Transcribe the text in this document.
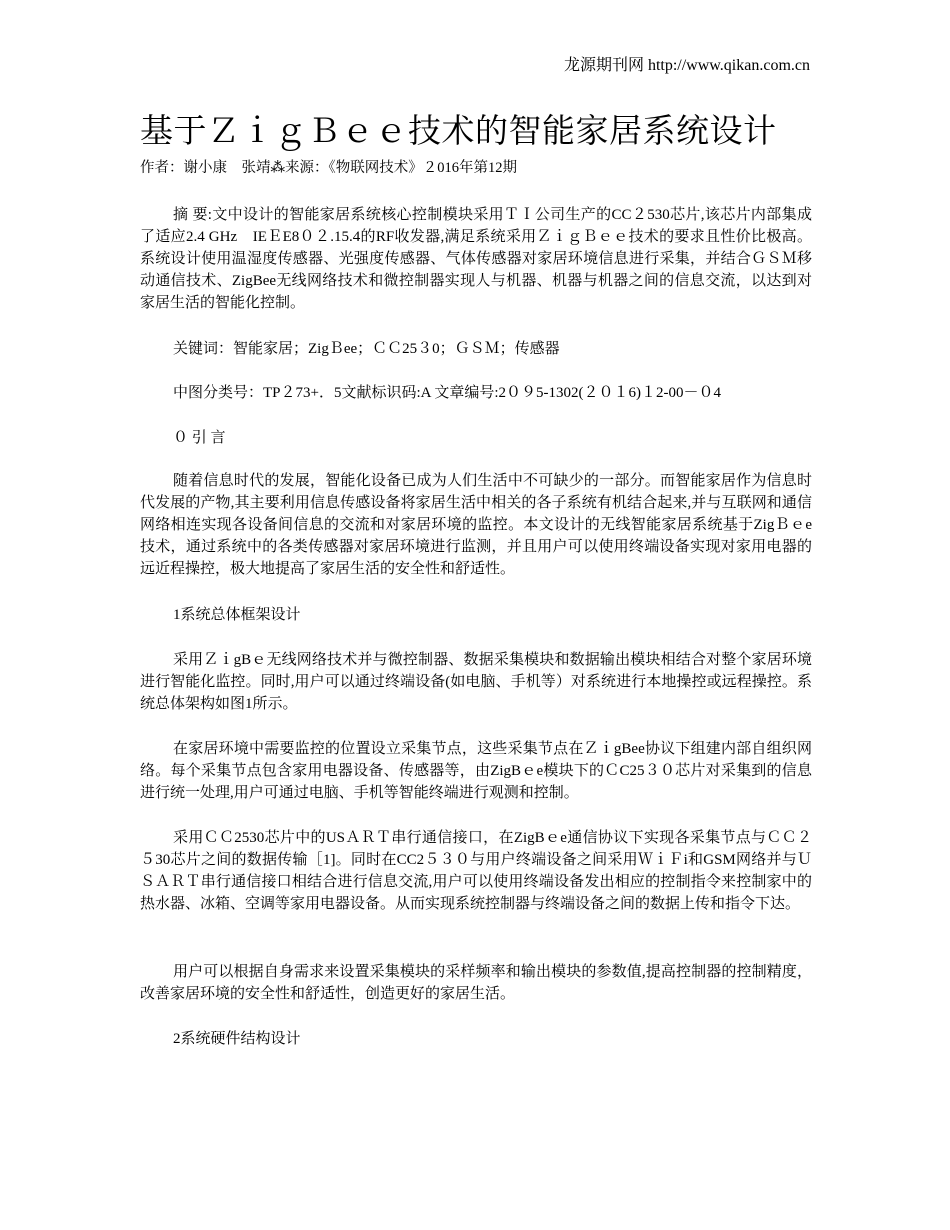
龙源期刊网 http://www.qikan.com.cn
基于ＺｉｇＢｅｅ技术的智能家居系统设计
作者：谢小康　张靖⁂来源：《物联网技术》２016年第12期

摘 要:文中设计的智能家居系统核心控制模块采用ＴＩ公司生产的CC２530芯片,该芯片内部集成了适应2.4 GHz　IEＥE8０２.15.4的RF收发器,满足系统采用ＺｉｇＢｅｅ技术的要求且性价比极高。系统设计使用温湿度传感器、光强度传感器、气体传感器对家居环境信息进行采集，并结合ＧＳＭ移动通信技术、ZigBee无线网络技术和微控制器实现人与机器、机器与机器之间的信息交流，以达到对家居生活的智能化控制。

关键词：智能家居；ZigＢee；ＣＣ25３0；ＧＳＭ；传感器

中图分类号：TP２73+．5文献标识码:A 文章编号:2０９5-1302(２０１6)１2-00－０4

０ 引 言

随着信息时代的发展，智能化设备已成为人们生活中不可缺少的一部分。而智能家居作为信息时代发展的产物,其主要利用信息传感设备将家居生活中相关的各子系统有机结合起来,并与互联网和通信网络相连实现各设备间信息的交流和对家居环境的监控。本文设计的无线智能家居系统基于ZigＢｅe技术，通过系统中的各类传感器对家居环境进行监测，并且用户可以使用终端设备实现对家用电器的远近程操控，极大地提高了家居生活的安全性和舒适性。

1系统总体框架设计

采用ＺｉgBｅ无线网络技术并与微控制器、数据采集模块和数据输出模块相结合对整个家居环境进行智能化监控。同时,用户可以通过终端设备(如电脑、手机等）对系统进行本地操控或远程操控。系统总体架构如图1所示。

在家居环境中需要监控的位置设立采集节点，这些采集节点在ＺｉgBee协议下组建内部自组织网络。每个采集节点包含家用电器设备、传感器等，由ZigBｅe模块下的ＣC25３０芯片对采集到的信息进行统一处理,用户可通过电脑、手机等智能终端进行观测和控制。

采用ＣＣ2530芯片中的USＡＲＴ串行通信接口，在ZigBｅe通信协议下实现各采集节点与ＣＣ２５30芯片之间的数据传输［1]。同时在CC2５３０与用户终端设备之间采用ＷｉＦi和GSM网络并与ＵＳＡＲＴ串行通信接口相结合进行信息交流,用户可以使用终端设备发出相应的控制指令来控制家中的热水器、冰箱、空调等家用电器设备。从而实现系统控制器与终端设备之间的数据上传和指令下达。

用户可以根据自身需求来设置采集模块的采样频率和输出模块的参数值,提高控制器的控制精度，改善家居环境的安全性和舒适性，创造更好的家居生活。

2系统硬件结构设计
